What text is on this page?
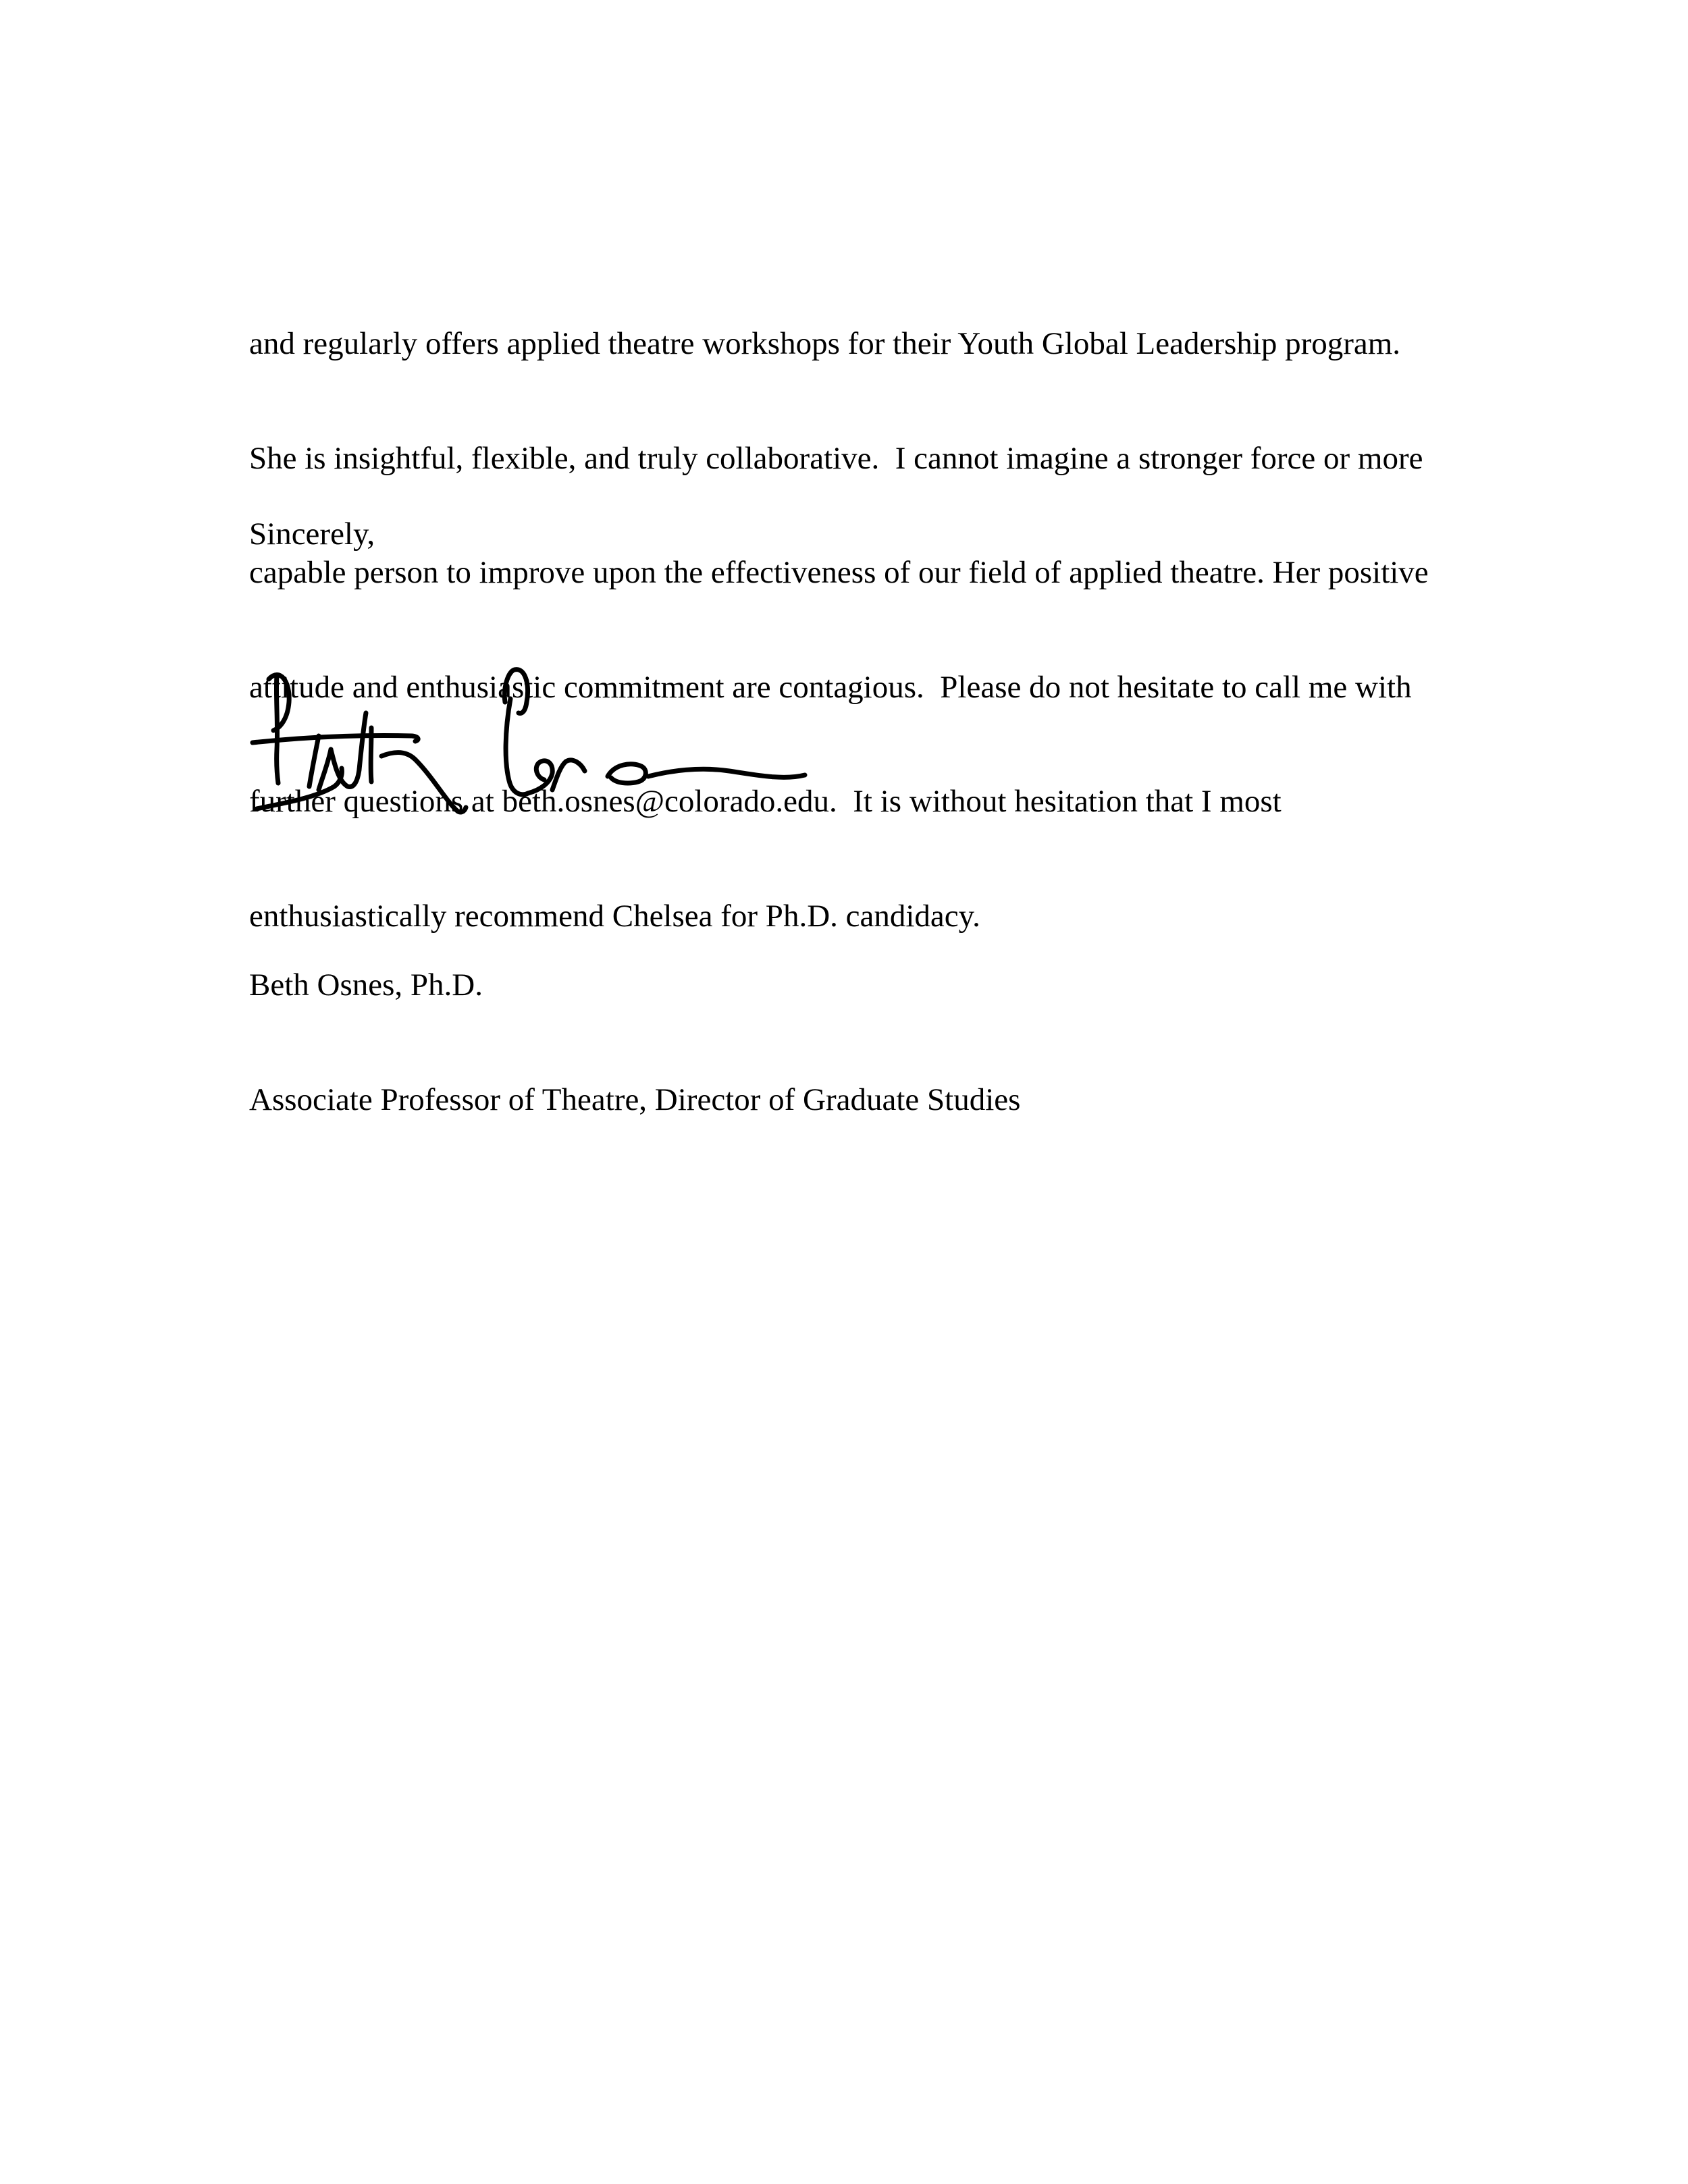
and regularly offers applied theatre workshops for their Youth Global Leadership program.

She is insightful, flexible, and truly collaborative.  I cannot imagine a stronger force or more

capable person to improve upon the effectiveness of our field of applied theatre. Her positive

attitude and enthusiastic commitment are contagious.  Please do not hesitate to call me with

further questions at beth.osnes@colorado.edu.  It is without hesitation that I most

enthusiastically recommend Chelsea for Ph.D. candidacy.

Sincerely,

Beth Osnes, Ph.D.

Associate Professor of Theatre, Director of Graduate Studies
